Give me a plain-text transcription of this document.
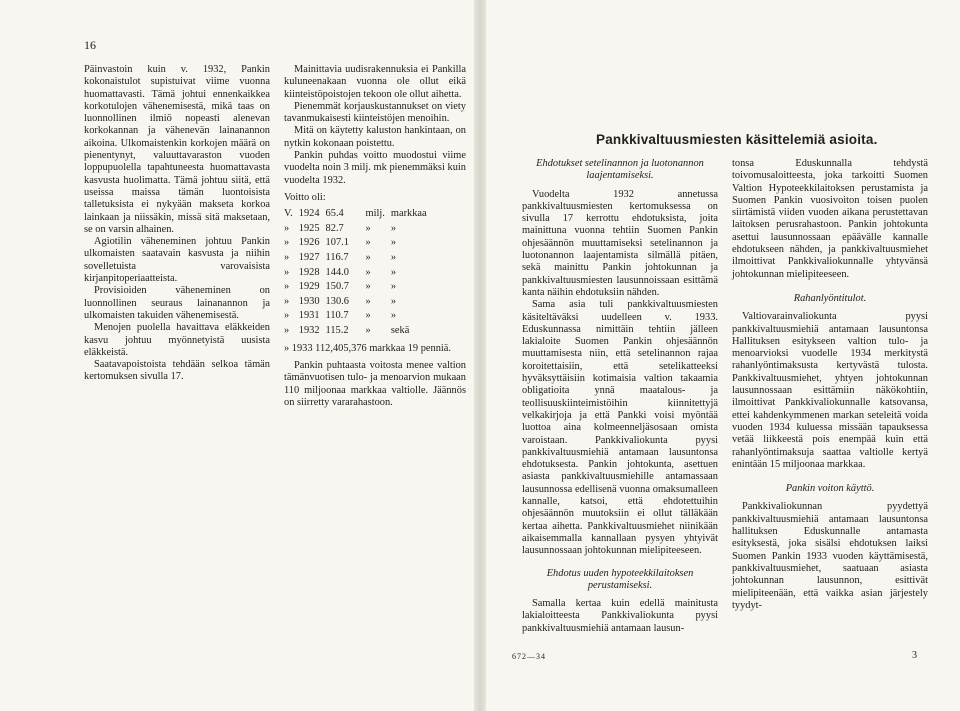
16

Päinvastoin kuin v. 1932, Pankin kokonaistulot supistuivat viime vuonna huomattavasti. Tämä johtui ennenkaikkea korkotulojen vähenemisestä, mikä taas on luonnollinen ilmiö nopeasti alenevan korkokannan ja vähenevän lainanannon aikoina. Ulkomaistenkin korkojen määrä on pienentynyt, valuuttavaraston vuoden loppupuolella tapahtuneesta huomattavasta kasvusta huolimatta. Tämä johtuu siitä, että useissa maissa tämän luontoisista talletuksista ei nykyään makseta korkoa lainkaan ja niissäkin, missä sitä maksetaan, se on varsin alhainen.

Agiotilin väheneminen johtuu Pankin ulkomaisten saatavain kasvusta ja niihin sovelletuista varovaisista kirjanpitoperiaatteista.

Provisioiden väheneminen on luonnollinen seuraus lainanannon ja ulkomaisten takuiden vähenemisestä.

Menojen puolella havaittava eläkkeiden kasvu johtuu myönnetyistä uusista eläkkeistä.

Saatavapoistoista tehdään selkoa tämän kertomuksen sivulla 17.

Mainittavia uudisrakennuksia ei Pankilla kuluneenakaan vuonna ole ollut eikä kiinteistöpoistojen tekoon ole ollut aihetta.

Pienemmät korjauskustannukset on viety tavanmukaisesti kiinteistöjen menoihin.

Mitä on käytetty kaluston hankintaan, on nytkin kokonaan poistettu.

Pankin puhdas voitto muodostui viime vuodelta noin 3 milj. mk pienemmäksi kuin vuodelta 1932.

Voitto oli:

V.	1924	65.4	milj.	markkaa
»	1925	82.7	»	»
»	1926	107.1	»	»
»	1927	116.7	»	»
»	1928	144.0	»	»
»	1929	150.7	»	»
»	1930	130.6	»	»
»	1931	110.7	»	»
»	1932	115.2	»	sekä

» 1933 112,405,376 markkaa 19 penniä.

Pankin puhtaasta voitosta menee valtion tämänvuotisen tulo- ja menoarvion mukaan 110 miljoonaa markkaa valtiolle. Jäännös on siirretty vararahastoon.

Pankkivaltuusmiesten käsittelemiä asioita.

Ehdotukset setelinannon ja luotonannon laajentamiseksi.

Vuodelta 1932 annetussa pankkivaltuusmiesten kertomuksessa on sivulla 17 kerrottu ehdotuksista, joita mainittuna vuonna tehtiin Suomen Pankin ohjesäännön muuttamiseksi setelinannon ja luotonannon laajentamista silmällä pitäen, sekä mainittu Pankin johtokunnan ja pankkivaltuusmiesten lausunnoissaan esittämä kanta näihin ehdotuksiin nähden.

Sama asia tuli pankkivaltuusmiesten käsiteltäväksi uudelleen v. 1933. Eduskunnassa nimittäin tehtiin jälleen lakialoite Suomen Pankin ohjesäännön muuttamisesta niin, että setelinannon rajaa koroitettaisiin, että setelikatteeksi hyväksyttäisiin kotimaisia valtion takaamia obligatioita ynnä maatalous- ja teollisuuskiinteimistöihin kiinnitettyjä velkakirjoja ja että Pankki voisi myöntää luottoa aina kolmeenneljäsosaan omista varoistaan. Pankkivaliokunta pyysi pankkivaltuusmiehiä antamaan lausuntonsa ehdotuksesta. Pankin johtokunta, asettuen asiasta pankkivaltuusmiehille antamassaan lausunnossa edellisenä vuonna omaksumalleen kannalle, katsoi, että ehdotettuihin ohjesäännön muutoksiin ei ollut tälläkään kertaa aihetta. Pankkivaltuusmiehet niinikään aikaisemmalla kannallaan pysyen yhtyivät lausunnossaan johtokunnan mielipiteeseen.

Ehdotus uuden hypoteekkilaitoksen perustamiseksi.

Samalla kertaa kuin edellä mainitusta lakialoitteesta Pankkivaliokunta pyysi pankkivaltuusmiehiä antamaan lausun-

tonsa Eduskunnalla tehdystä toivomusaloitteesta, joka tarkoitti Suomen Valtion Hypoteekkilaitoksen perustamista ja Suomen Pankin vuosivoiton toisen puolen siirtämistä viiden vuoden aikana perustettavan laitoksen perusrahastoon. Pankin johtokunta asettui lausunnossaan epäävälle kannalle ehdotukseen nähden, ja pankkivaltuusmiehet ilmoittivat Pankkivaliokunnalle yhtyvänsä johtokunnan mielipiteeseen.

Rahanlyöntitulot.

Valtiovarainvaliokunta pyysi pankkivaltuusmiehiä antamaan lausuntonsa Hallituksen esitykseen valtion tulo- ja menoarvioksi vuodelle 1934 merkitystä rahanlyöntimaksusta kertyvästä tulosta. Pankkivaltuusmiehet, yhtyen johtokunnan lausunnossaan esittämiin näkökohtiin, ilmoittivat Pankkivaliokunnalle katsovansa, ettei kahdenkymmenen markan seteleitä voida vuoden 1934 kuluessa missään tapauksessa vetää liikkeestä pois enempää kuin että rahanlyöntimaksuja saattaa valtiolle kertyä enintään 15 miljoonaa markkaa.

Pankin voiton käyttö.

Pankkivaliokunnan pyydettyä pankkivaltuusmiehiä antamaan lausuntonsa hallituksen Eduskunnalle antamasta esityksestä, joka sisälsi ehdotuksen laiksi Suomen Pankin 1933 vuoden käyttämisestä, pankkivaltuusmiehet, saatuaan asiasta johtokunnan lausunnon, esittivät mielipiteenään, että vaikka asian järjestely tyydyt-

672—34	3
